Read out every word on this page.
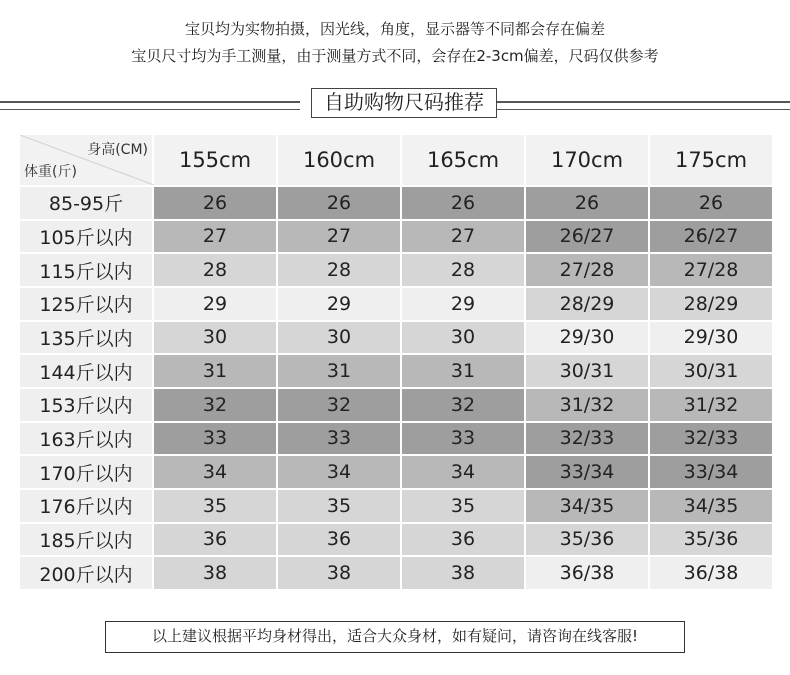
宝贝均为实物拍摄，因光线，角度，显示器等不同都会存在偏差
宝贝尺寸均为手工测量，由于测量方式不同，会存在2-3cm偏差，尺码仅供参考
自助购物尺码推荐
身高(CM)
体重(斤)	155cm	160cm	165cm	170cm	175cm
85-95斤	26	26	26	26	26
105斤以内	27	27	27	26/27	26/27
115斤以内	28	28	28	27/28	27/28
125斤以内	29	29	29	28/29	28/29
135斤以内	30	30	30	29/30	29/30
144斤以内	31	31	31	30/31	30/31
153斤以内	32	32	32	31/32	31/32
163斤以内	33	33	33	32/33	32/33
170斤以内	34	34	34	33/34	33/34
176斤以内	35	35	35	34/35	34/35
185斤以内	36	36	36	35/36	35/36
200斤以内	38	38	38	36/38	36/38
以上建议根据平均身材得出，适合大众身材，如有疑问，请咨询在线客服!
